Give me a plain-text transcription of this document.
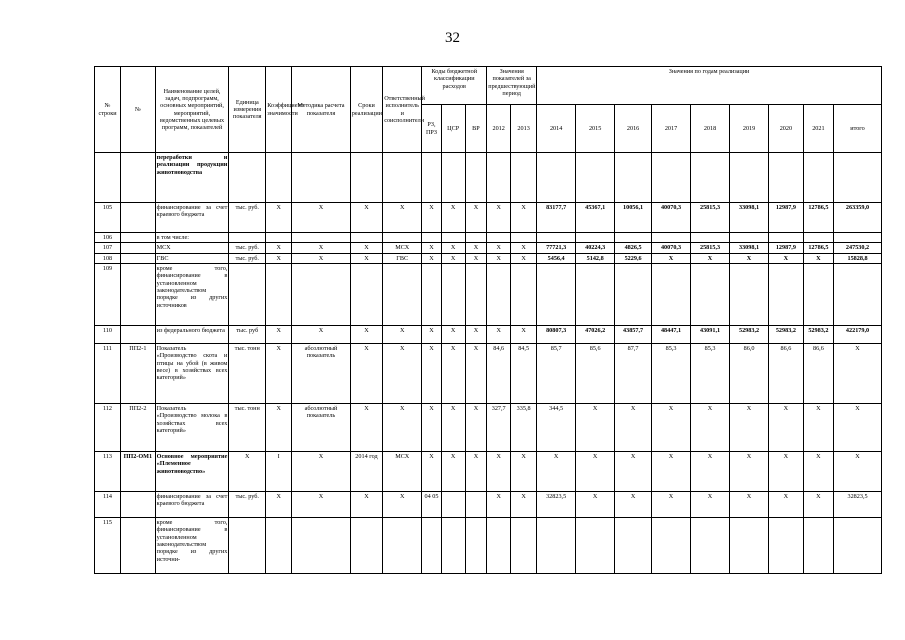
32
№ строки	№	Наименование целей, задач, подпрограмм, основных мероприятий, мероприятий, ведомственных целевых программ, показателей	Единица измерения показателя	Коэффициент значимости	Методика расчета показателя	Сроки реализации	Ответственный исполнитель и соисполнители	Коды бюджетной классификации расходов			Значения показателей за предшествующий период		Значения по годам реализации								
								РЗ, ПРЗ	ЦСР	ВР	2012	2013	2014	2015	2016	2017	2018	2019	2020	2021	итого
		переработки и реализации продукции животноводства																			
105		финансирование за счет краевого бюджета	тыс. руб.	Х	Х	Х	Х	Х	Х	Х	Х	Х	83177,7	45367,1	10056,1	40070,3	25815,3	33098,1	12987,9	12786,5	263359,0
106		в том числе:																			
107		МСХ	тыс. руб.	Х	Х	Х	МСХ	Х	Х	Х	Х	Х	77721,3	40224,3	4826,5	40070,3	25815,3	33098,1	12987,9	12786,5	247530,2
108		ГВС	тыс. руб.	Х	Х	Х	ГВС	Х	Х	Х	Х	Х	5456,4	5142,8	5229,6	Х	Х	Х	Х	Х	15828,8
109		кроме того, финансирование в установленном законодательством порядке из других источников																			
110		из федерального бюджета	тыс. руб	Х	Х	Х	Х	Х	Х	Х	Х	Х	80807,3	47026,2	43857,7	48447,1	43091,1	52983,2	52983,2	52983,2	422179,0
111	ПП2-1	Показатель «Производство скота и птицы на убой (в живом весе) в хозяйствах всех категорий»	тыс. тонн	Х	абсолютный показатель	Х	Х	Х	Х	Х	84,6	84,5	85,7	85,6	87,7	85,3	85,3	86,0	86,6	86,6	Х
112	ПП2-2	Показатель «Производство молока в хозяйствах всех категорий»	тыс. тонн	Х	абсолютный показатель	Х	Х	Х	Х	Х	327,7	335,8	344,5	Х	Х	Х	Х	Х	Х	Х	Х
113	ПП2-ОМ1	Основное мероприятие «Племенное животноводство»	Х	I	Х	2014 год	МСХ	Х	Х	Х	Х	Х	Х	Х	Х	Х	Х	Х	Х	Х	Х
114		финансирование за счет краевого бюджета	тыс. руб.	Х	Х	Х	Х	04 05			Х	Х	32823,5	Х	Х	Х	Х	Х	Х	Х	32823,5
115		кроме того, финансирование в установленном законодательством порядке из других источни-																			
